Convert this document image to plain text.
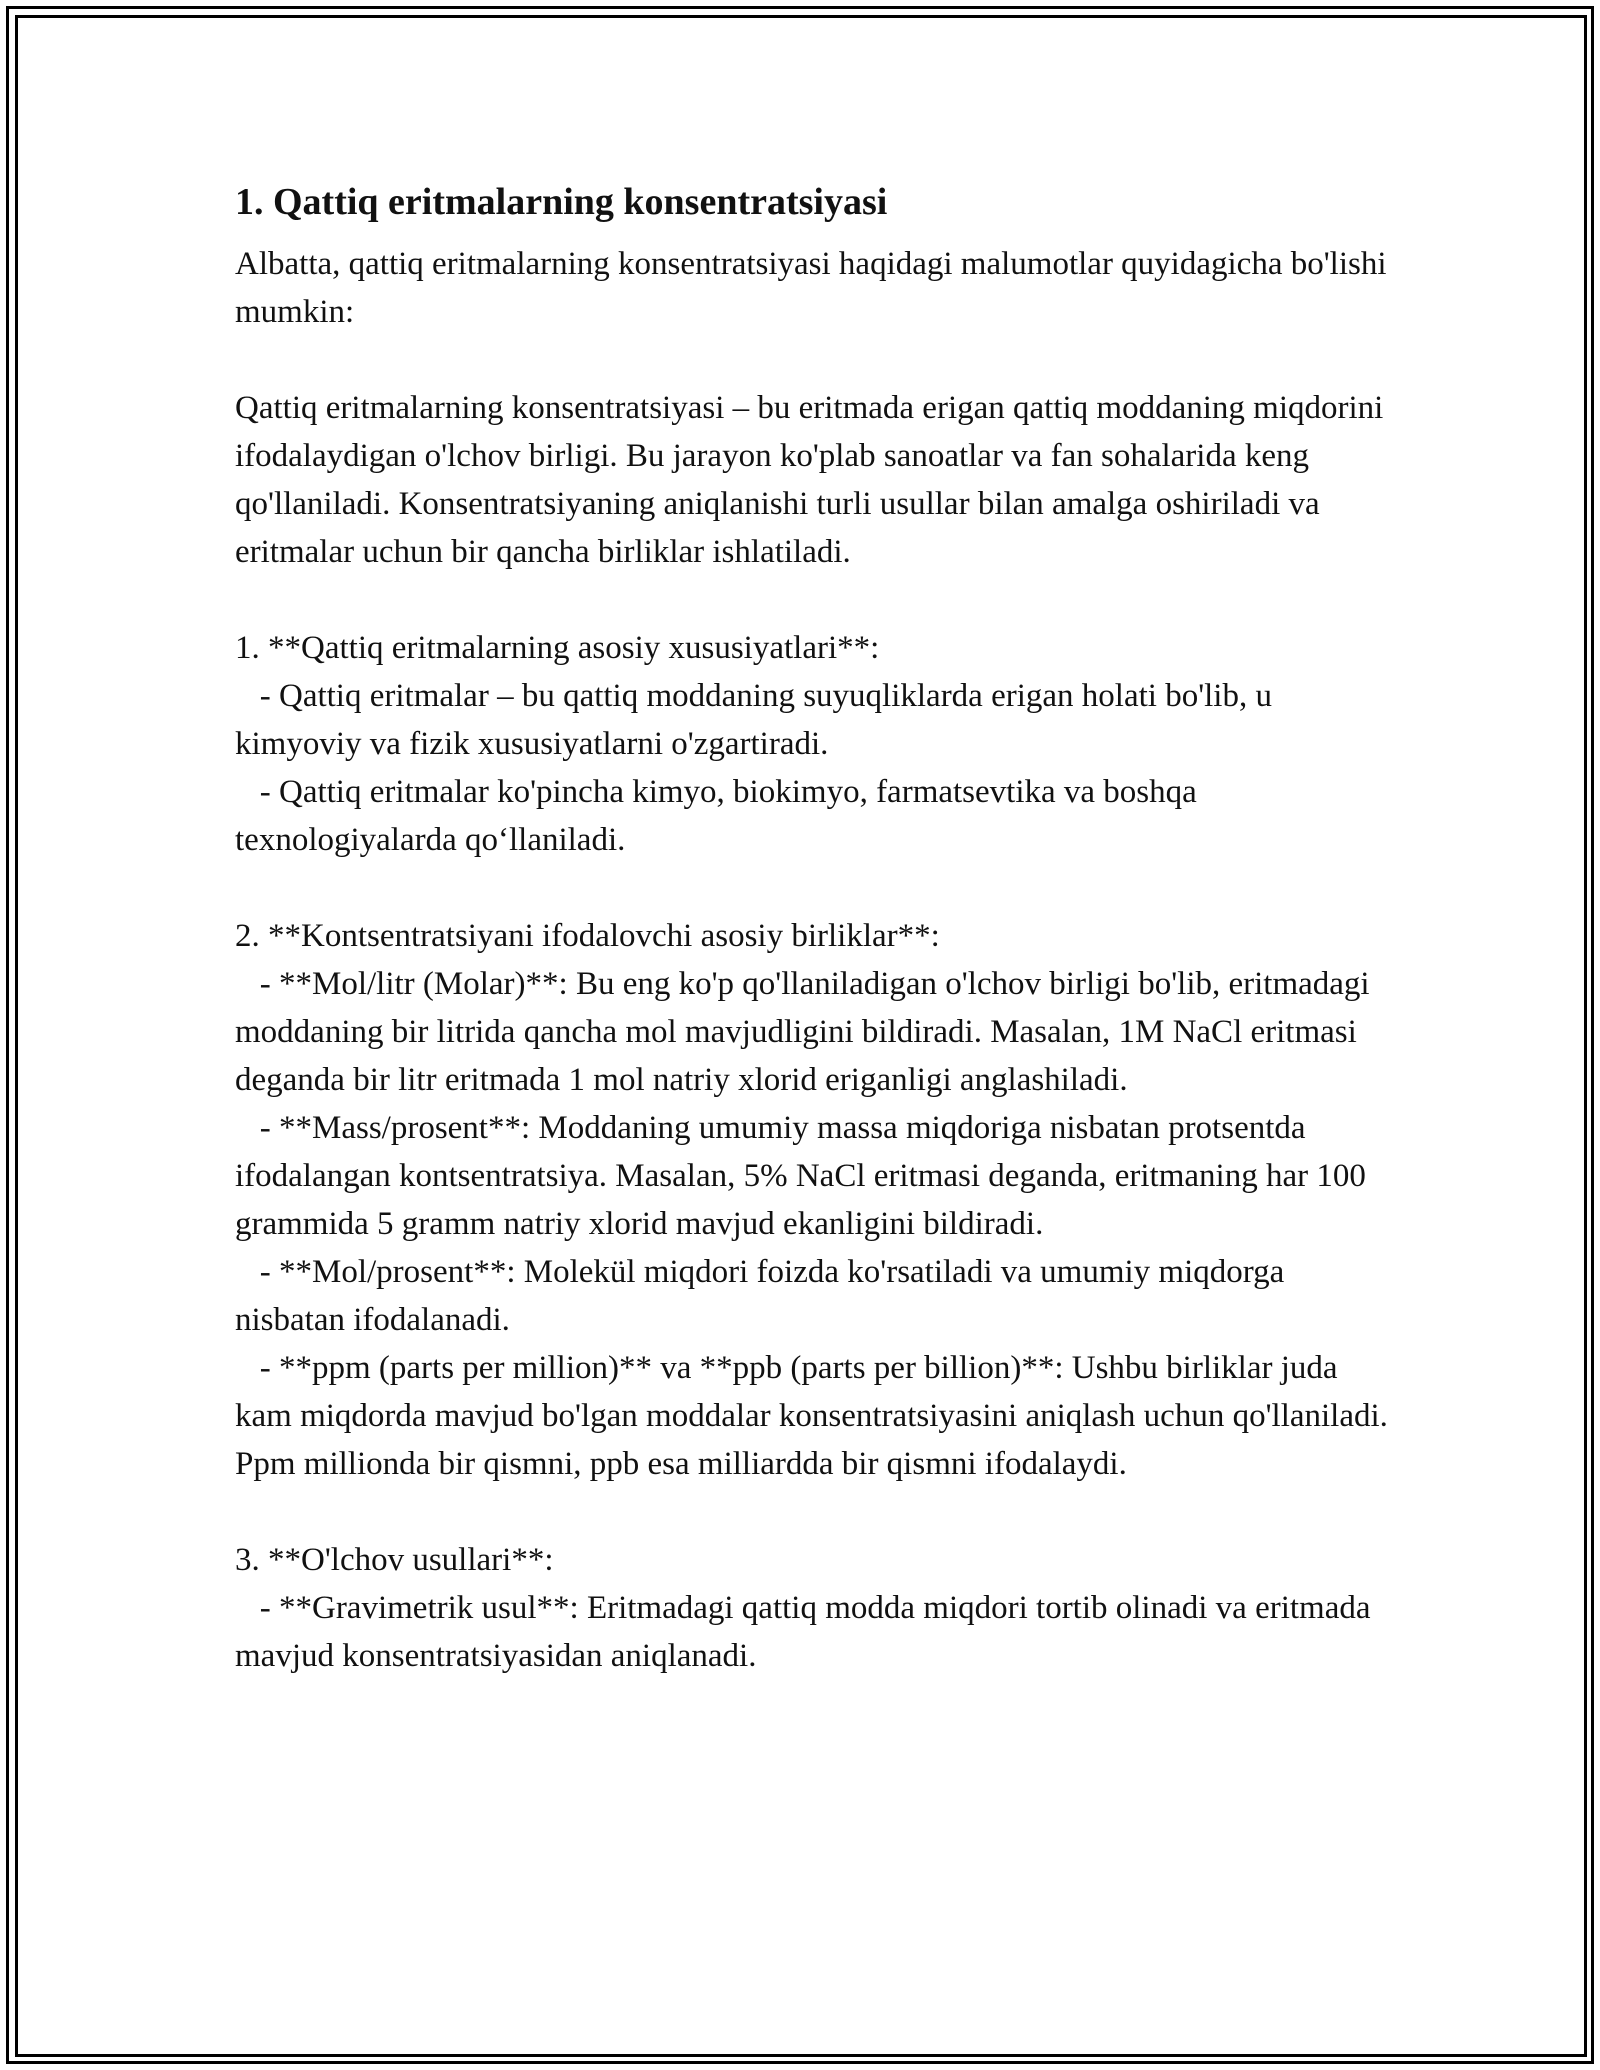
1. Qattiq eritmalarning konsentratsiyasi

Albatta, qattiq eritmalarning konsentratsiyasi haqidagi malumotlar quyidagicha bo'lishi mumkin:

Qattiq eritmalarning konsentratsiyasi – bu eritmada erigan qattiq moddaning miqdorini ifodalaydigan o'lchov birligi. Bu jarayon ko'plab sanoatlar va fan sohalarida keng qo'llaniladi. Konsentratsiyaning aniqlanishi turli usullar bilan amalga oshiriladi va eritmalar uchun bir qancha birliklar ishlatiladi.

1. **Qattiq eritmalarning asosiy xususiyatlari**:

- Qattiq eritmalar – bu qattiq moddaning suyuqliklarda erigan holati bo'lib, u kimyoviy va fizik xususiyatlarni o'zgartiradi.

- Qattiq eritmalar ko'pincha kimyo, biokimyo, farmatsevtika va boshqa texnologiyalarda qo‘llaniladi.

2. **Kontsentratsiyani ifodalovchi asosiy birliklar**:

- **Mol/litr (Molar)**: Bu eng ko'p qo'llaniladigan o'lchov birligi bo'lib, eritmadagi moddaning bir litrida qancha mol mavjudligini bildiradi. Masalan, 1M NaCl eritmasi deganda bir litr eritmada 1 mol natriy xlorid eriganligi anglashiladi.

- **Mass/prosent**: Moddaning umumiy massa miqdoriga nisbatan protsentda ifodalangan kontsentratsiya. Masalan, 5% NaCl eritmasi deganda, eritmaning har 100 grammida 5 gramm natriy xlorid mavjud ekanligini bildiradi.

- **Mol/prosent**: Molekül miqdori foizda ko'rsatiladi va umumiy miqdorga nisbatan ifodalanadi.

- **ppm (parts per million)** va **ppb (parts per billion)**: Ushbu birliklar juda kam miqdorda mavjud bo'lgan moddalar konsentratsiyasini aniqlash uchun qo'llaniladi. Ppm millionda bir qismni, ppb esa milliardda bir qismni ifodalaydi.

3. **O'lchov usullari**:

- **Gravimetrik usul**: Eritmadagi qattiq modda miqdori tortib olinadi va eritmada mavjud konsentratsiyasidan aniqlanadi.
